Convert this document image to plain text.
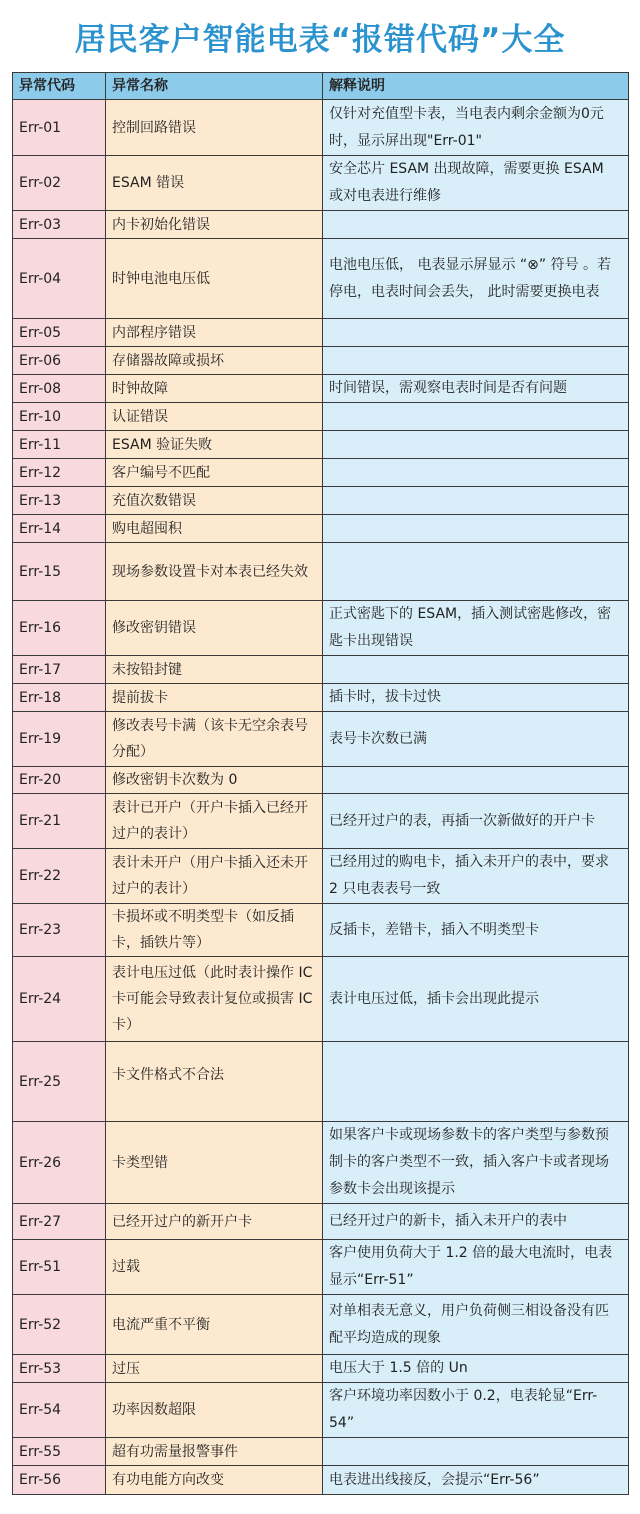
居民客户智能电表“报错代码”大全
异常代码	异常名称	解释说明
Err-01	控制回路错误	仅针对充值型卡表，当电表内剩余金额为0元时，显示屏出现"Err-01"
Err-02	ESAM 错误	安全芯片 ESAM 出现故障，需要更换 ESAM 或对电表进行维修
Err-03	内卡初始化错误	
Err-04	时钟电池电压低	电池电压低， 电表显示屏显示 “⊗” 符号 。若停电，电表时间会丢失， 此时需要更换电表
Err-05	内部程序错误	
Err-06	存储器故障或损坏	
Err-08	时钟故障	时间错误，需观察电表时间是否有问题
Err-10	认证错误	
Err-11	ESAM 验证失败	
Err-12	客户编号不匹配	
Err-13	充值次数错误	
Err-14	购电超囤积	
Err-15	现场参数设置卡对本表已经失效	
Err-16	修改密钥错误	正式密匙下的 ESAM，插入测试密匙修改，密匙卡出现错误
Err-17	未按铅封键	
Err-18	提前拔卡	插卡时，拔卡过快
Err-19	修改表号卡满（该卡无空余表号分配）	表号卡次数已满
Err-20	修改密钥卡次数为 0	
Err-21	表计已开户（开户卡插入已经开过户的表计）	已经开过户的表，再插一次新做好的开户卡
Err-22	表计未开户（用户卡插入还未开过户的表计）	已经用过的购电卡，插入未开户的表中，要求 2 只电表表号一致
Err-23	卡损坏或不明类型卡（如反插卡，插铁片等）	反插卡，差错卡，插入不明类型卡
Err-24	表计电压过低（此时表计操作 IC 卡可能会导致表计复位或损害 IC 卡）	表计电压过低，插卡会出现此提示
Err-25	卡文件格式不合法	
Err-26	卡类型错	如果客户卡或现场参数卡的客户类型与参数预制卡的客户类型不一致，插入客户卡或者现场参数卡会出现该提示
Err-27	已经开过户的新开户卡	已经开过户的新卡，插入未开户的表中
Err-51	过载	客户使用负荷大于 1.2 倍的最大电流时，电表显示“Err-51”
Err-52	电流严重不平衡	对单相表无意义，用户负荷侧三相设备没有匹配平均造成的现象
Err-53	过压	电压大于 1.5 倍的 Un
Err-54	功率因数超限	客户环境功率因数小于 0.2，电表轮显“Err-54”
Err-55	超有功需量报警事件	
Err-56	有功电能方向改变	电表进出线接反，会提示“Err-56”
